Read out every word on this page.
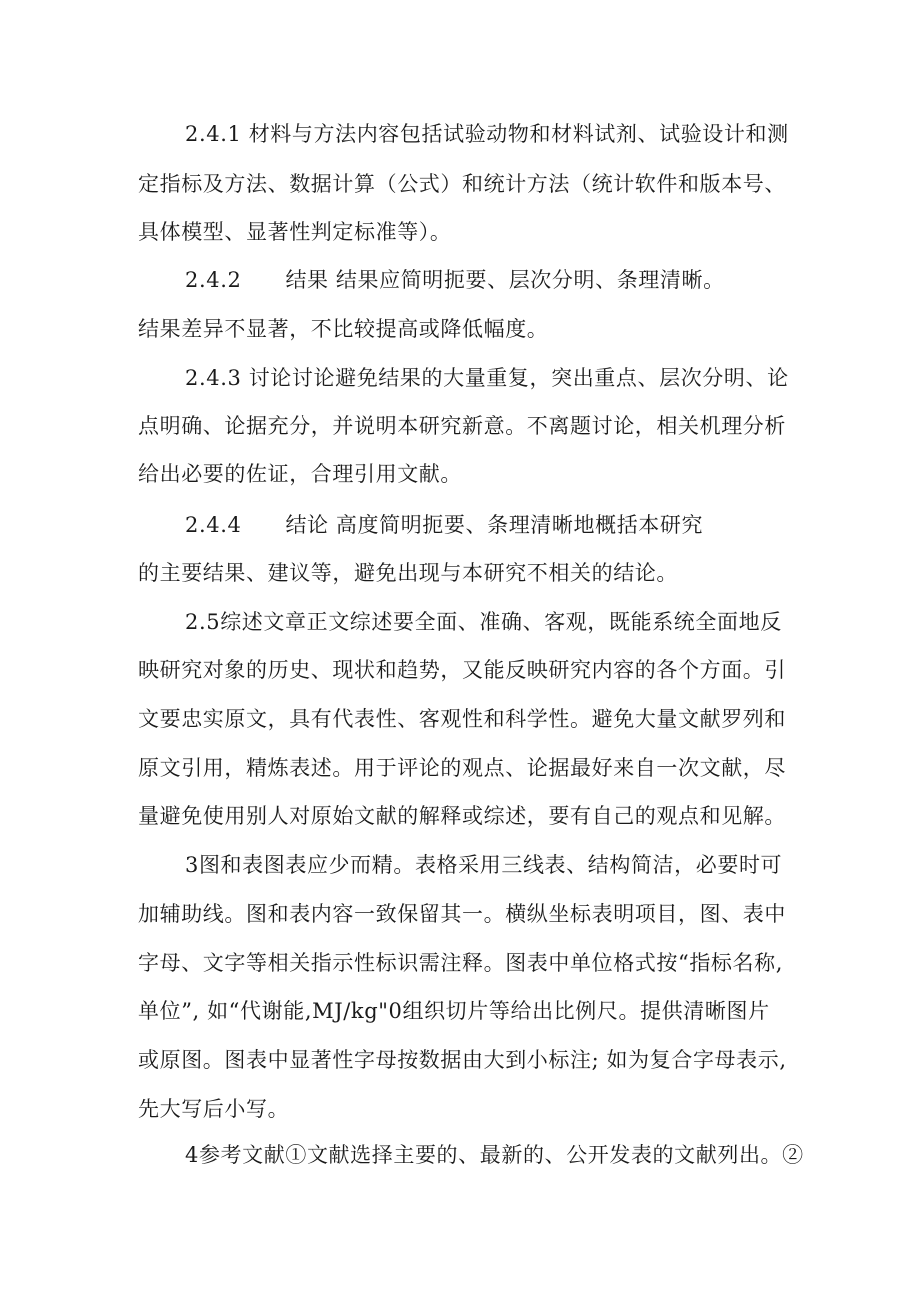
2.4.1 材料与方法内容包括试验动物和材料试剂、试验设计和测
定指标及方法、数据计算（公式）和统计方法（统计软件和版本号、
具体模型、显著性判定标准等）。
2.4.2 结果 结果应简明扼要、层次分明、条理清晰。
结果差异不显著，不比较提高或降低幅度。
2.4.3 讨论讨论避免结果的大量重复，突出重点、层次分明、论
点明确、论据充分，并说明本研究新意。不离题讨论，相关机理分析
给出必要的佐证，合理引用文献。
2.4.4 结论 高度简明扼要、条理清晰地概括本研究
的主要结果、建议等，避免出现与本研究不相关的结论。
2.5综述文章正文综述要全面、准确、客观，既能系统全面地反
映研究对象的历史、现状和趋势，又能反映研究内容的各个方面。引
文要忠实原文，具有代表性、客观性和科学性。避免大量文献罗列和
原文引用，精炼表述。用于评论的观点、论据最好来自一次文献，尽
量避免使用别人对原始文献的解释或综述，要有自己的观点和见解。
3图和表图表应少而精。表格采用三线表、结构简洁，必要时可
加辅助线。图和表内容一致保留其一。横纵坐标表明项目，图、表中
字母、文字等相关指示性标识需注释。图表中单位格式按“指标名称,
单位”, 如“代谢能,MJ/kg"0组织切片等给出比例尺。提供清晰图片
或原图。图表中显著性字母按数据由大到小标注; 如为复合字母表示,
先大写后小写。
4参考文献①文献选择主要的、最新的、公开发表的文献列出。②
